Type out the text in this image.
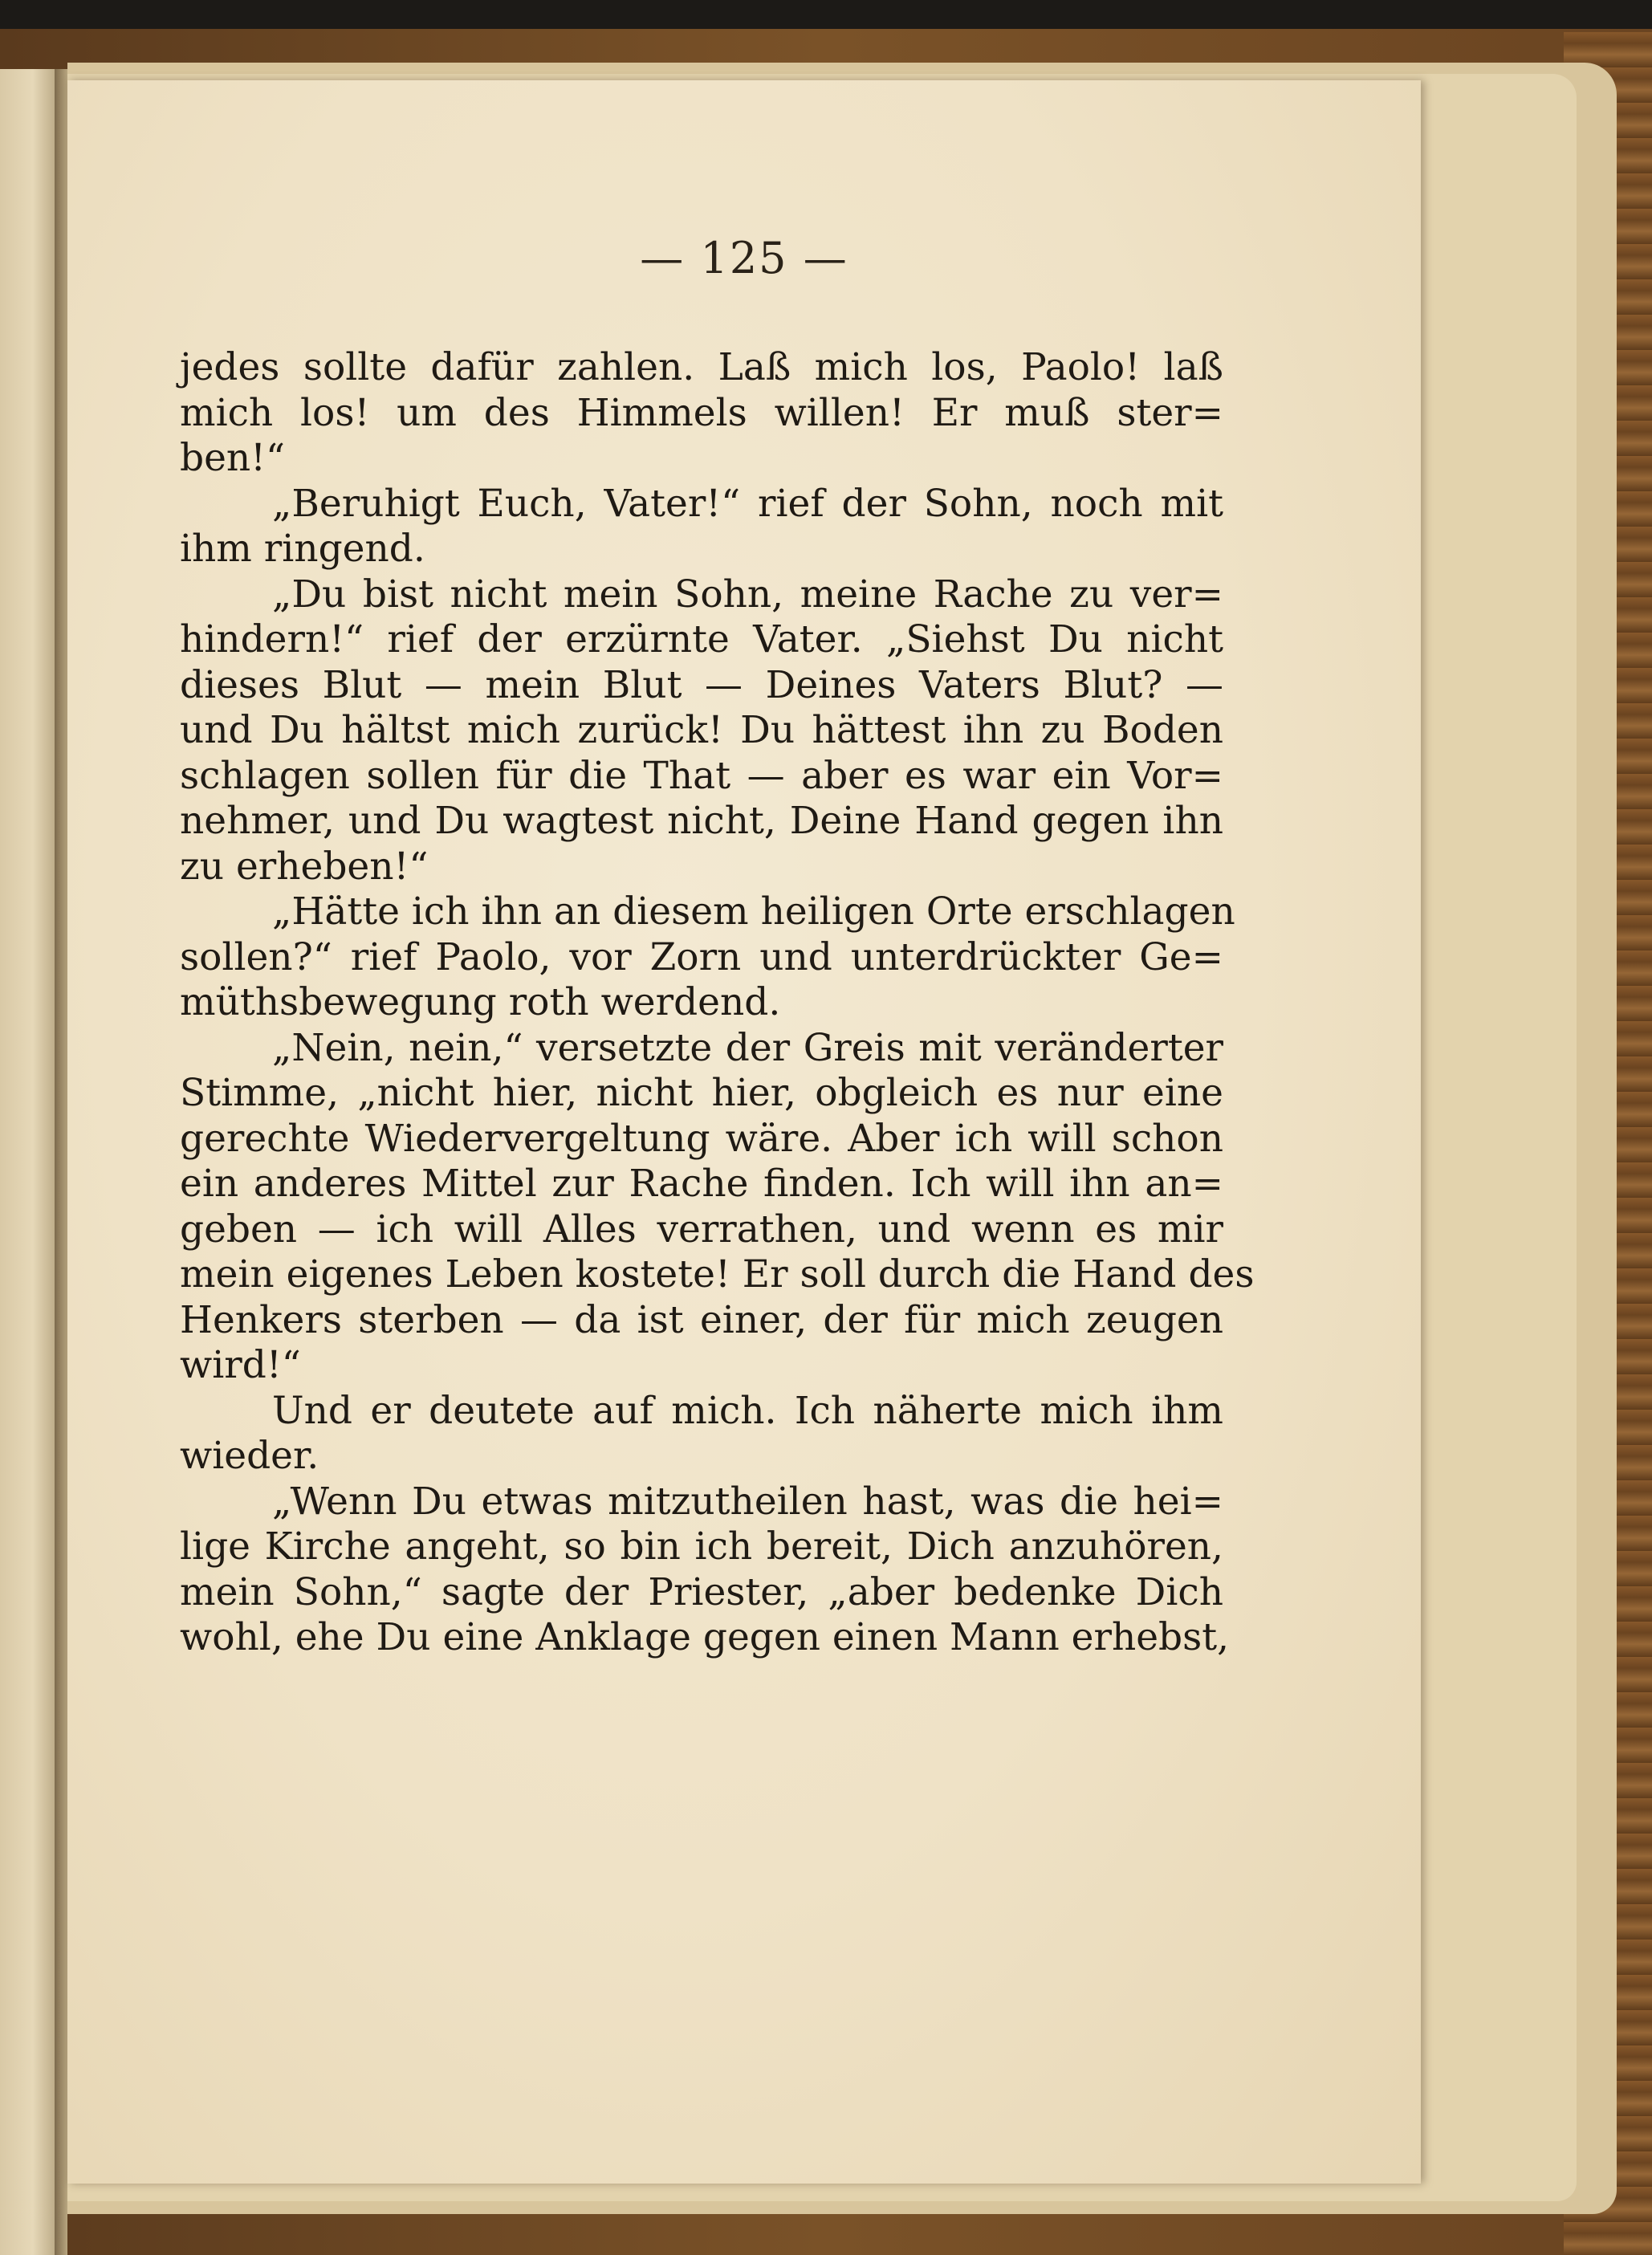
— 125 —
jedes sollte dafür zahlen. Laß mich los, Paolo! laß
mich los! um des Himmels willen! Er muß ster=
ben!“
„Beruhigt Euch, Vater!“ rief der Sohn, noch mit
ihm ringend.
„Du bist nicht mein Sohn, meine Rache zu ver=
hindern!“ rief der erzürnte Vater. „Siehst Du nicht
dieses Blut — mein Blut — Deines Vaters Blut? —
und Du hältst mich zurück! Du hättest ihn zu Boden
schlagen sollen für die That — aber es war ein Vor=
nehmer, und Du wagtest nicht, Deine Hand gegen ihn
zu erheben!“
„Hätte ich ihn an diesem heiligen Orte erschlagen
sollen?“ rief Paolo, vor Zorn und unterdrückter Ge=
müthsbewegung roth werdend.
„Nein, nein,“ versetzte der Greis mit veränderter
Stimme, „nicht hier, nicht hier, obgleich es nur eine
gerechte Wiedervergeltung wäre. Aber ich will schon
ein anderes Mittel zur Rache finden. Ich will ihn an=
geben — ich will Alles verrathen, und wenn es mir
mein eigenes Leben kostete! Er soll durch die Hand des
Henkers sterben — da ist einer, der für mich zeugen
wird!“
Und er deutete auf mich. Ich näherte mich ihm
wieder.
„Wenn Du etwas mitzutheilen hast, was die hei=
lige Kirche angeht, so bin ich bereit, Dich anzuhören,
mein Sohn,“ sagte der Priester, „aber bedenke Dich
wohl, ehe Du eine Anklage gegen einen Mann erhebst,
